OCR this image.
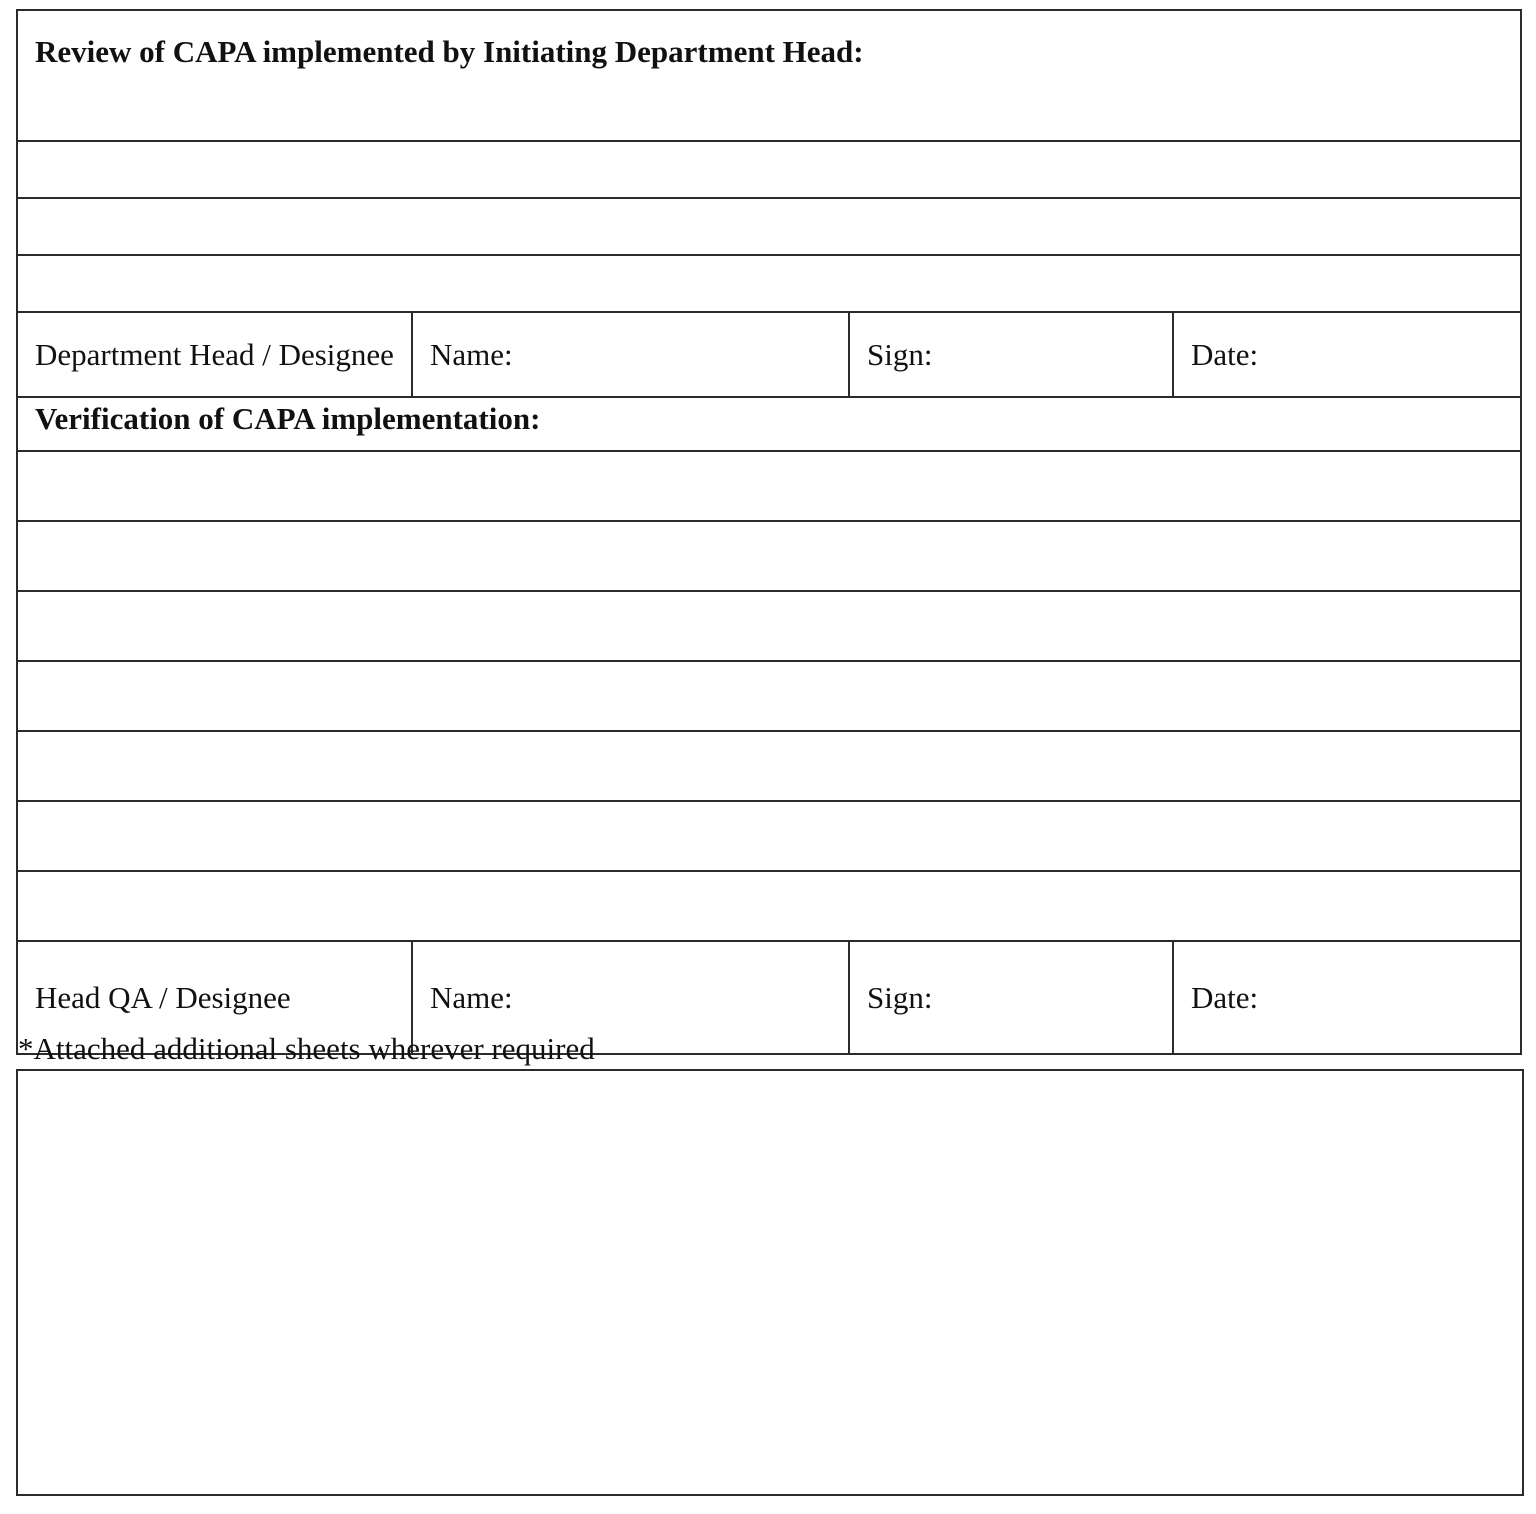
Review of CAPA implemented by Initiating Department Head:			

Department Head / Designee	Name:	Sign:	Date:
Verification of CAPA implementation:			

Head QA / Designee	Name:	Sign:	Date:
*Attached additional sheets wherever required
